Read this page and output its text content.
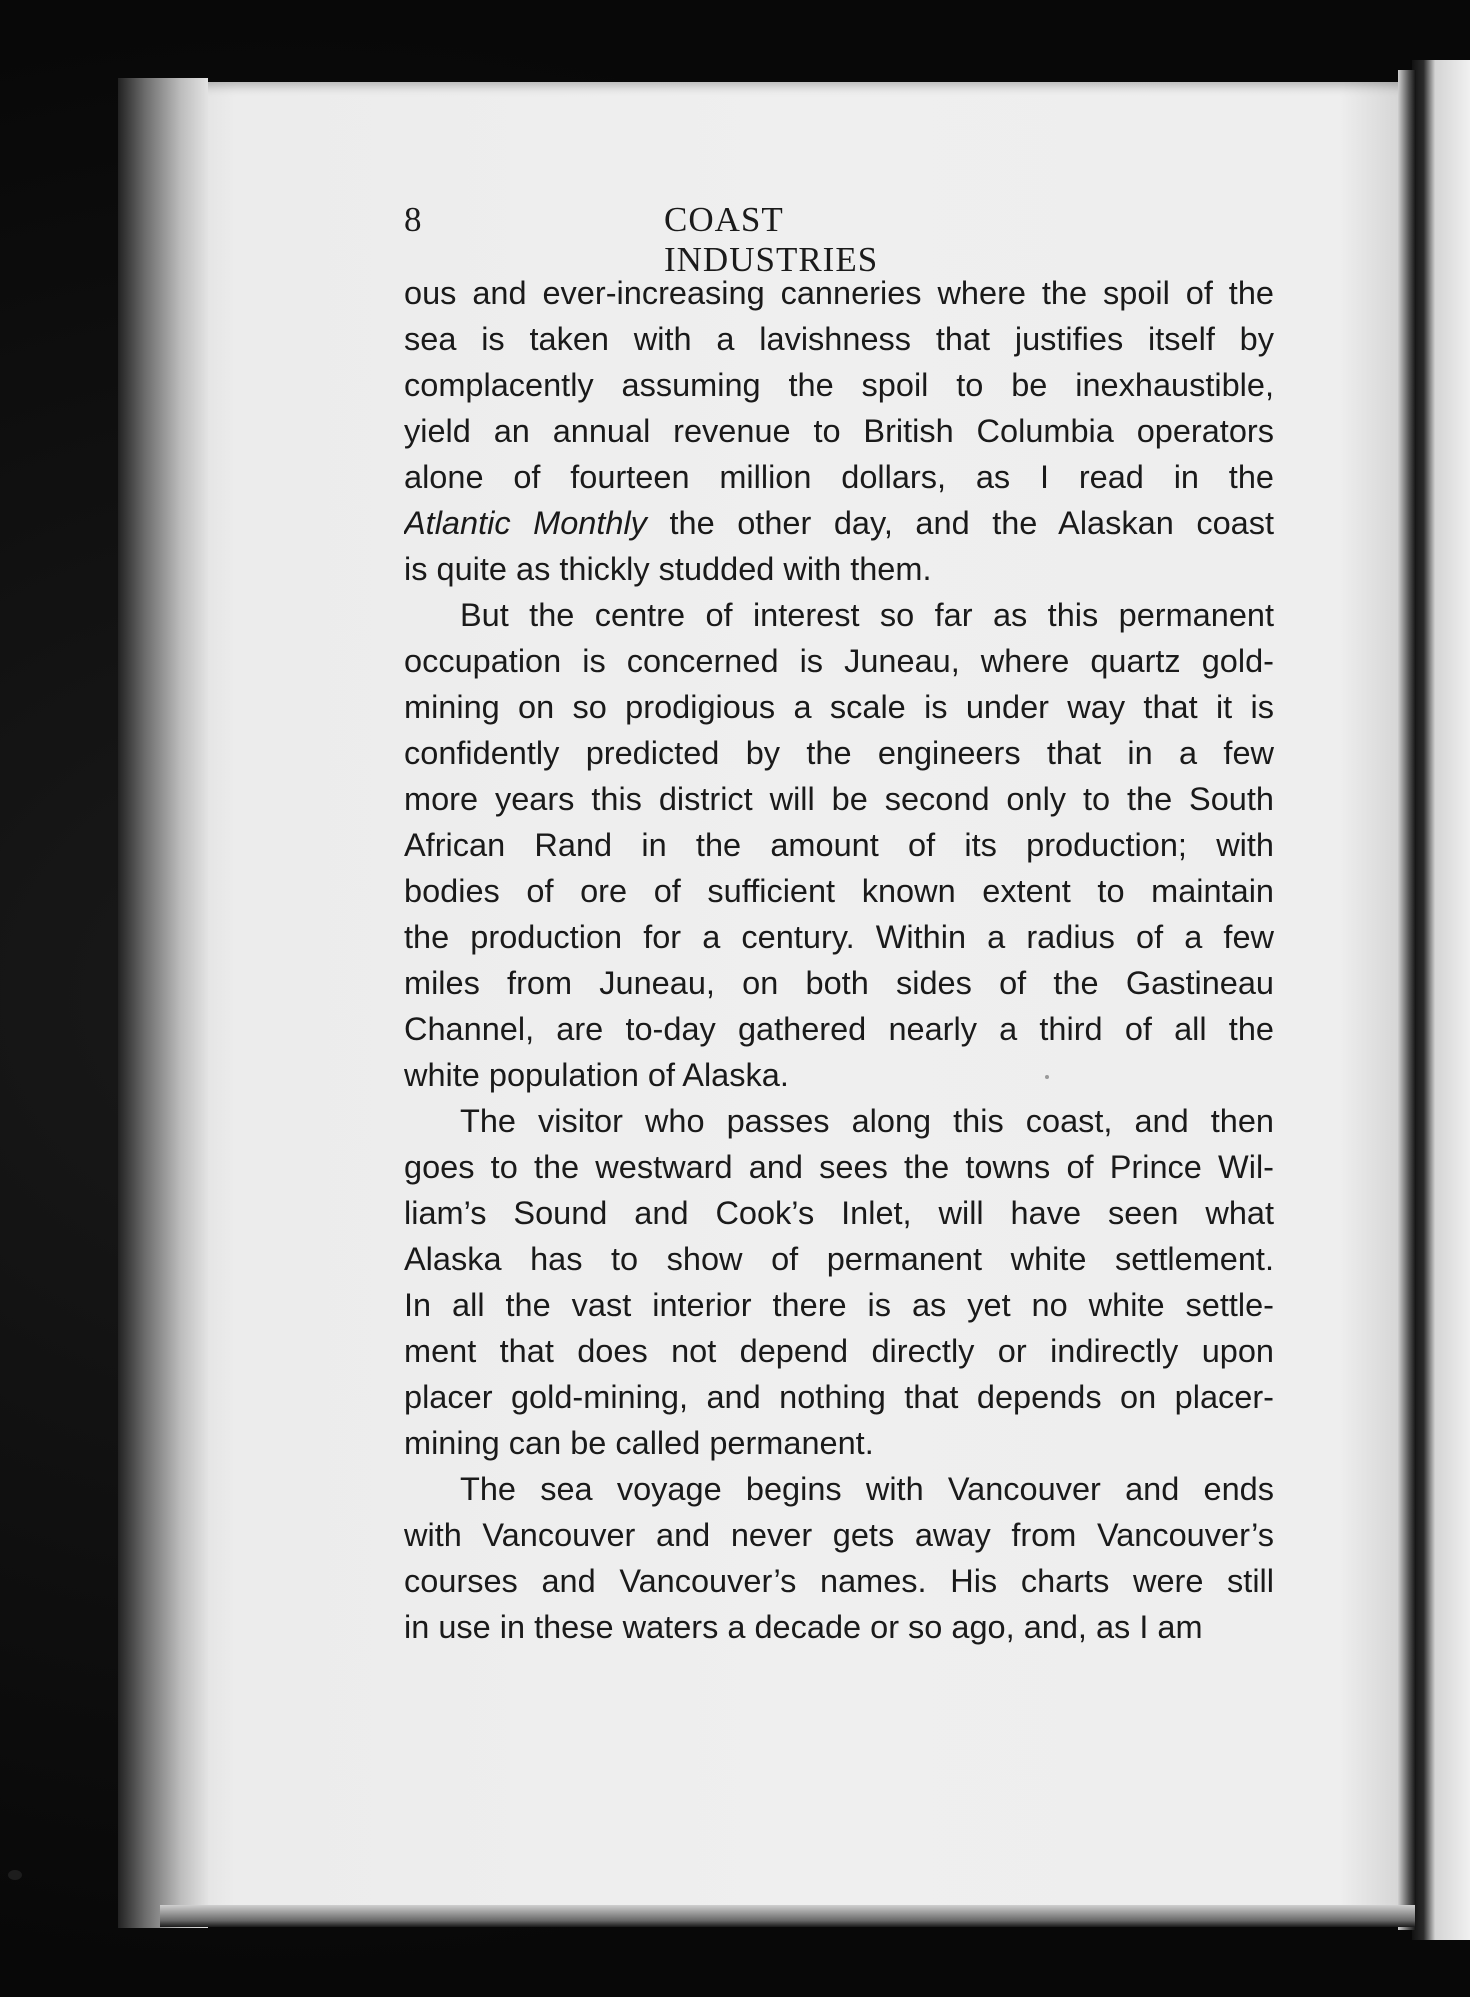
8	COAST INDUSTRIES
ous and ever-increasing canneries where the spoil of the
sea is taken with a lavishness that justifies itself by
complacently assuming the spoil to be inexhaustible,
yield an annual revenue to British Columbia operators
alone of fourteen million dollars, as I read in the
Atlantic Monthly the other day, and the Alaskan coast
is quite as thickly studded with them.
But the centre of interest so far as this permanent
occupation is concerned is Juneau, where quartz gold-
mining on so prodigious a scale is under way that it is
confidently predicted by the engineers that in a few
more years this district will be second only to the South
African Rand in the amount of its production; with
bodies of ore of sufficient known extent to maintain
the production for a century. Within a radius of a few
miles from Juneau, on both sides of the Gastineau
Channel, are to-day gathered nearly a third of all the
white population of Alaska.
The visitor who passes along this coast, and then
goes to the westward and sees the towns of Prince Wil-
liam’s Sound and Cook’s Inlet, will have seen what
Alaska has to show of permanent white settlement.
In all the vast interior there is as yet no white settle-
ment that does not depend directly or indirectly upon
placer gold-mining, and nothing that depends on placer-
mining can be called permanent.
The sea voyage begins with Vancouver and ends
with Vancouver and never gets away from Vancouver’s
courses and Vancouver’s names. His charts were still
in use in these waters a decade or so ago, and, as I am
